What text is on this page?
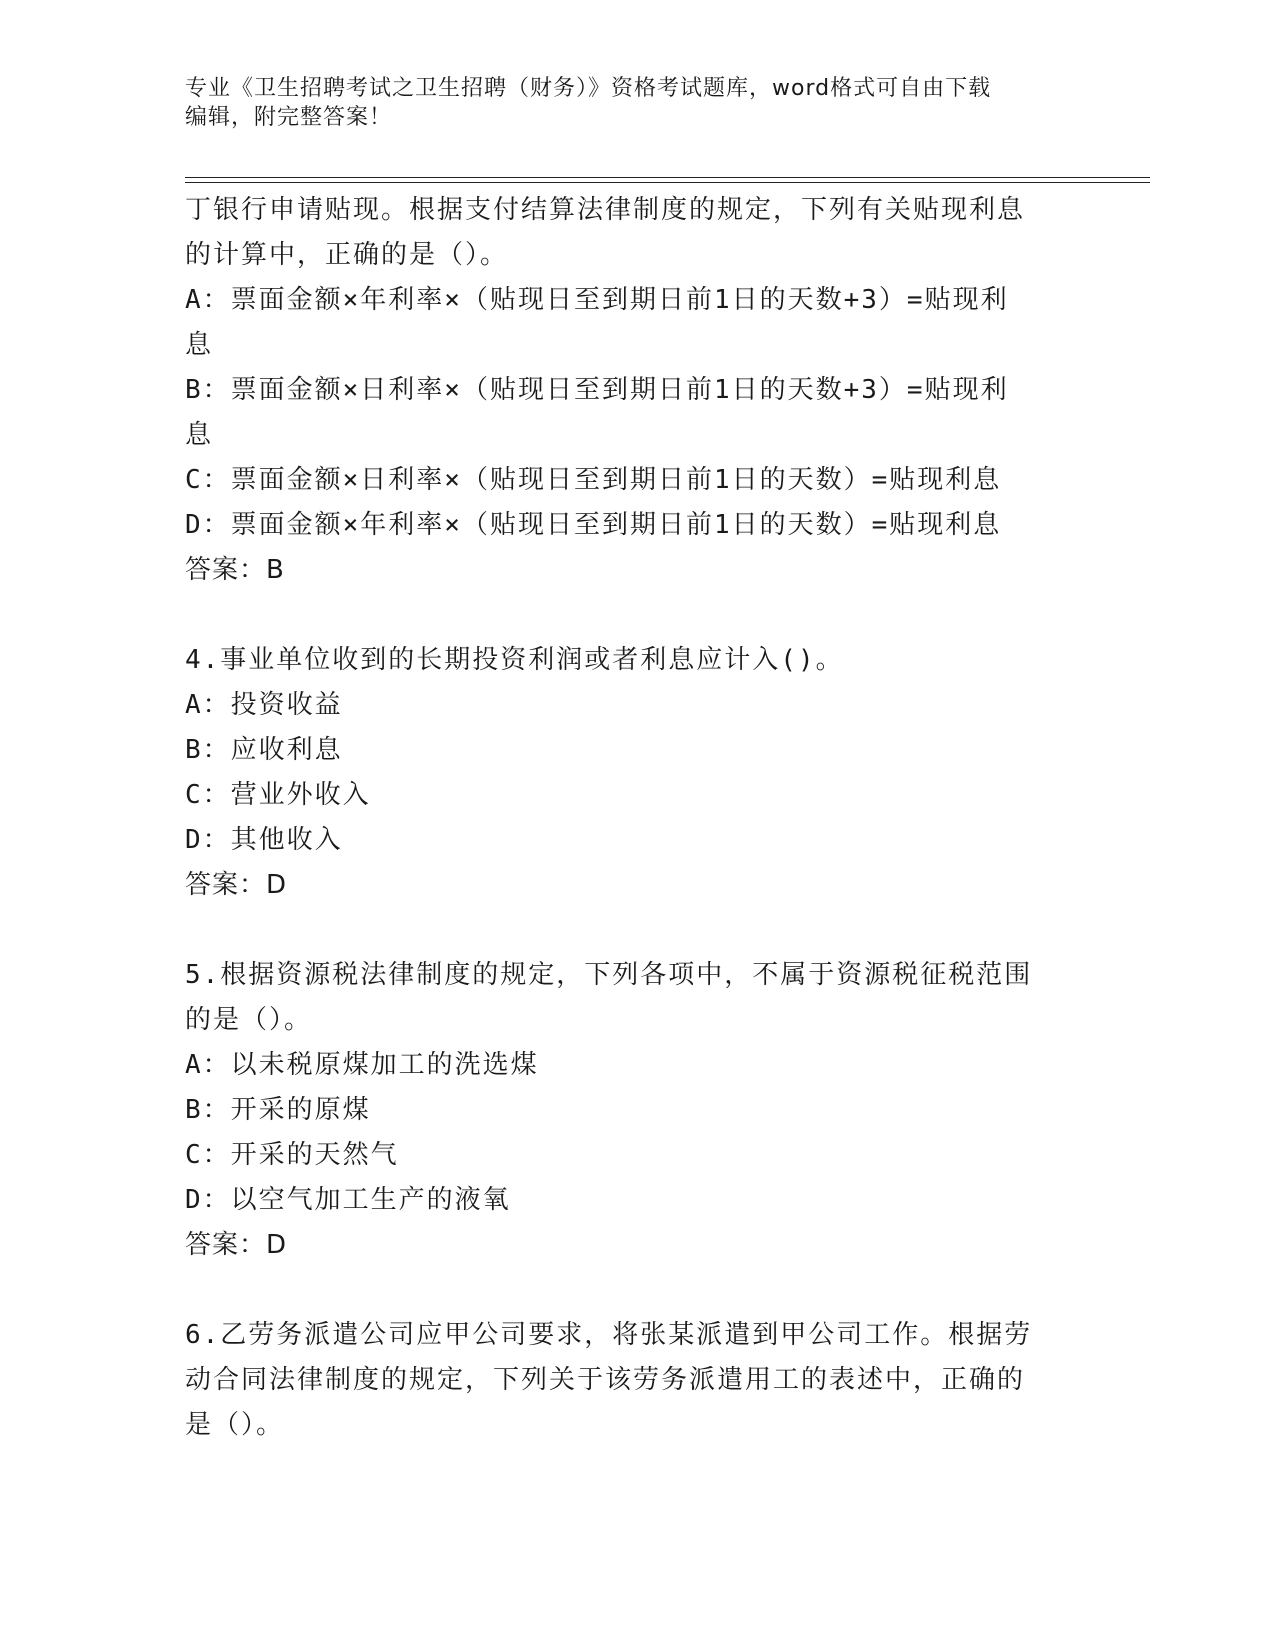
专业《卫生招聘考试之卫生招聘（财务）》资格考试题库，word格式可自由下载
编辑，附完整答案！
丁银行申请贴现。根据支付结算法律制度的规定，下列有关贴现利息
的计算中，正确的是（）。
A：票面金额×年利率×（贴现日至到期日前1日的天数+3）=贴现利
息
B：票面金额×日利率×（贴现日至到期日前1日的天数+3）=贴现利
息
C：票面金额×日利率×（贴现日至到期日前1日的天数）=贴现利息
D：票面金额×年利率×（贴现日至到期日前1日的天数）=贴现利息
答案：B
4.事业单位收到的长期投资利润或者利息应计入()。
A：投资收益
B：应收利息
C：营业外收入
D：其他收入
答案：D
5.根据资源税法律制度的规定，下列各项中，不属于资源税征税范围
的是（）。
A：以未税原煤加工的洗选煤
B：开采的原煤
C：开采的天然气
D：以空气加工生产的液氧
答案：D
6.乙劳务派遣公司应甲公司要求，将张某派遣到甲公司工作。根据劳
动合同法律制度的规定，下列关于该劳务派遣用工的表述中，正确的
是（）。
